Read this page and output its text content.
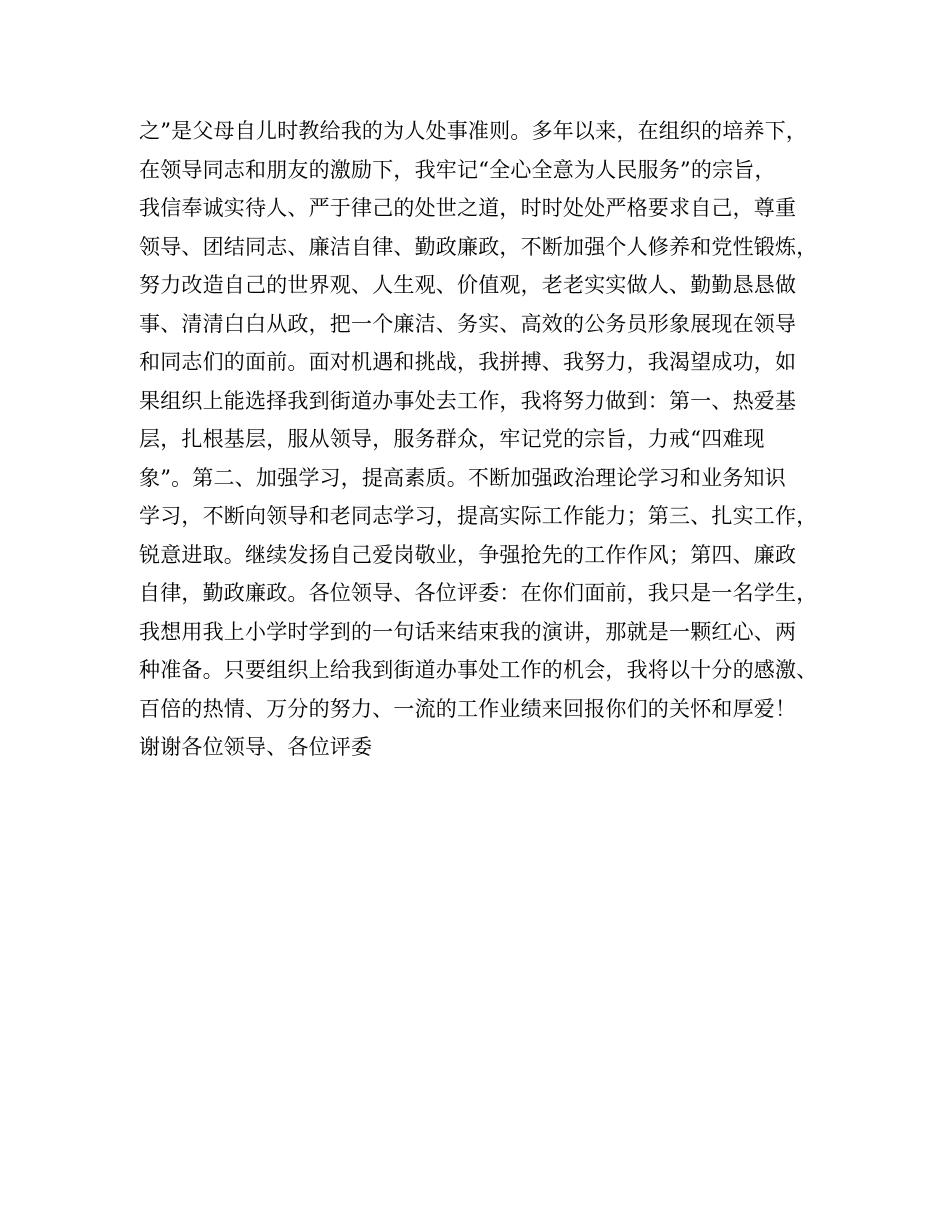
之”是父母自儿时教给我的为人处事准则。多年以来，在组织的培养下，
在领导同志和朋友的激励下，我牢记“全心全意为人民服务”的宗旨，
我信奉诚实待人、严于律己的处世之道，时时处处严格要求自己，尊重
领导、团结同志、廉洁自律、勤政廉政，不断加强个人修养和党性锻炼，
努力改造自己的世界观、人生观、价值观，老老实实做人、勤勤恳恳做
事、清清白白从政，把一个廉洁、务实、高效的公务员形象展现在领导
和同志们的面前。面对机遇和挑战，我拼搏、我努力，我渴望成功，如
果组织上能选择我到街道办事处去工作，我将努力做到：第一、热爱基
层，扎根基层，服从领导，服务群众，牢记党的宗旨，力戒“四难现
象”。第二、加强学习，提高素质。不断加强政治理论学习和业务知识
学习，不断向领导和老同志学习，提高实际工作能力；第三、扎实工作，
锐意进取。继续发扬自己爱岗敬业，争强抢先的工作作风；第四、廉政
自律，勤政廉政。各位领导、各位评委：在你们面前，我只是一名学生，
我想用我上小学时学到的一句话来结束我的演讲，那就是一颗红心、两
种准备。只要组织上给我到街道办事处工作的机会，我将以十分的感激、
百倍的热情、万分的努力、一流的工作业绩来回报你们的关怀和厚爱！
谢谢各位领导、各位评委
